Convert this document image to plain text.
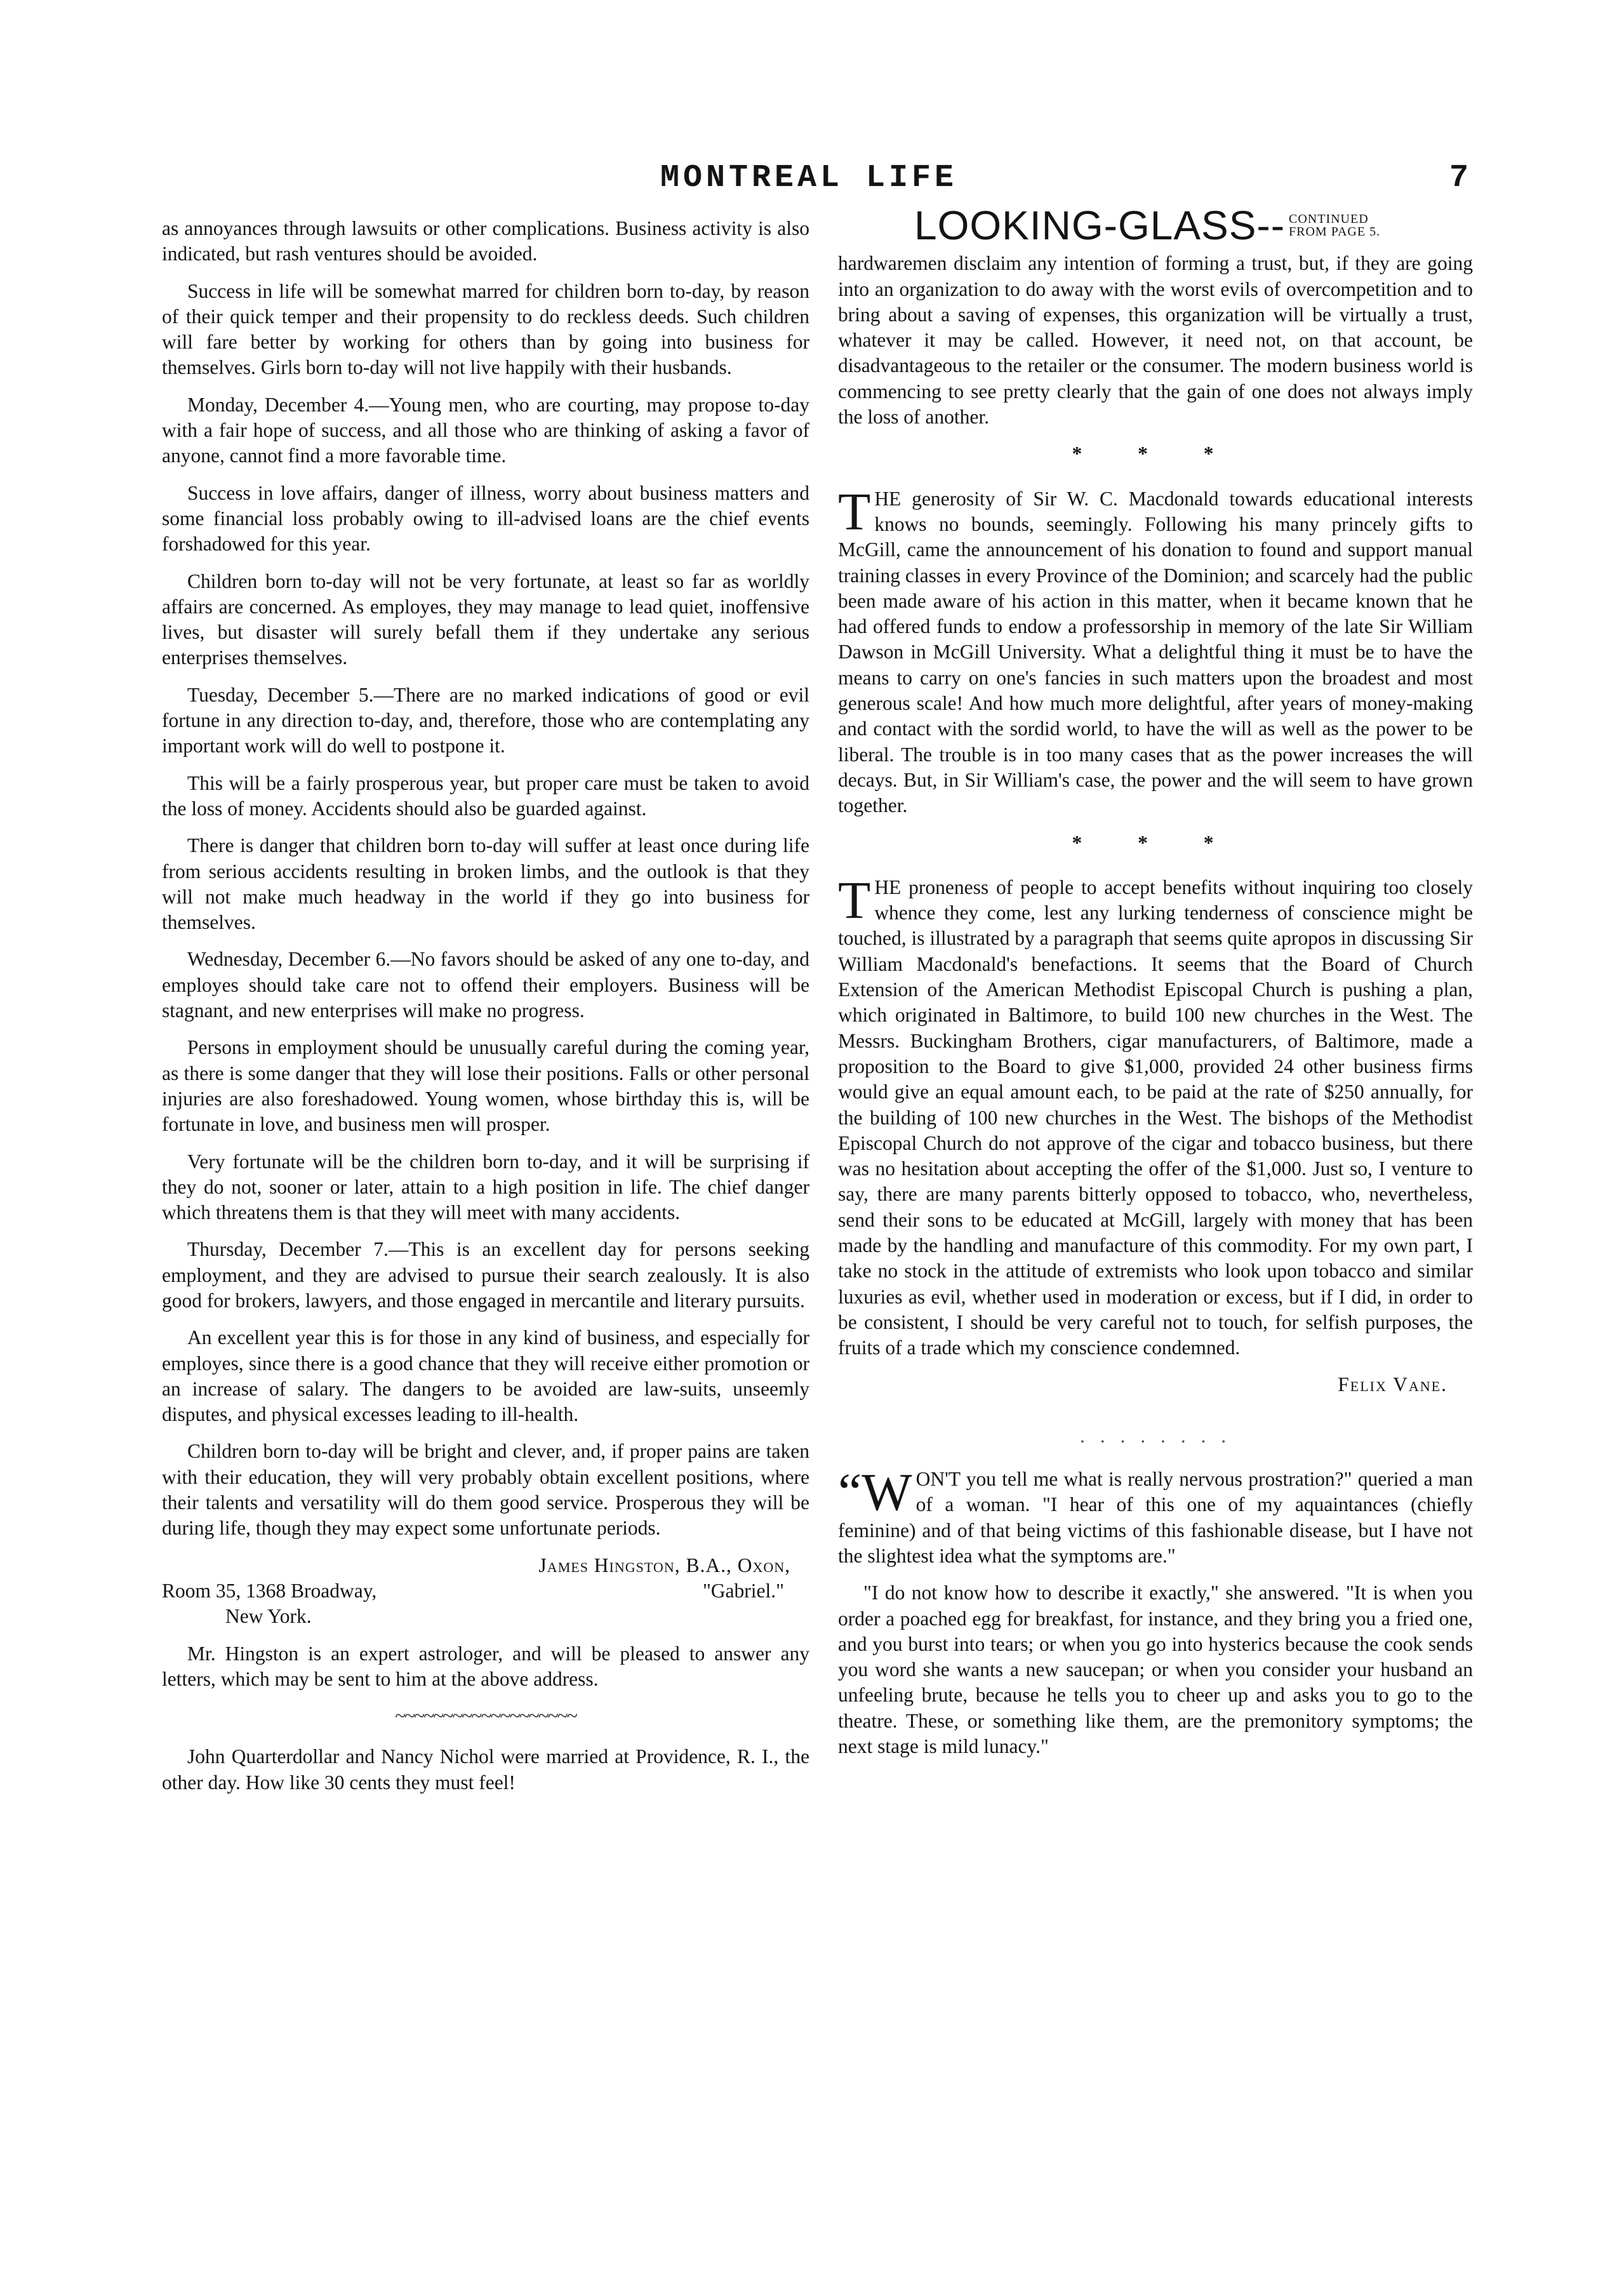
MONTREAL LIFE	7

as annoyances through lawsuits or other complications. Business activity is also indicated, but rash ventures should be avoided.

Success in life will be somewhat marred for children born to-day, by reason of their quick temper and their propensity to do reckless deeds. Such children will fare better by working for others than by going into business for themselves. Girls born to-day will not live happily with their husbands.

Monday, December 4.—Young men, who are courting, may propose to-day with a fair hope of success, and all those who are thinking of asking a favor of anyone, cannot find a more favorable time.

Success in love affairs, danger of illness, worry about business matters and some financial loss probably owing to ill-advised loans are the chief events forshadowed for this year.

Children born to-day will not be very fortunate, at least so far as worldly affairs are concerned. As employes, they may manage to lead quiet, inoffensive lives, but disaster will surely befall them if they undertake any serious enterprises themselves.

Tuesday, December 5.—There are no marked indications of good or evil fortune in any direction to-day, and, therefore, those who are contemplating any important work will do well to postpone it.

This will be a fairly prosperous year, but proper care must be taken to avoid the loss of money. Accidents should also be guarded against.

There is danger that children born to-day will suffer at least once during life from serious accidents resulting in broken limbs, and the outlook is that they will not make much headway in the world if they go into business for themselves.

Wednesday, December 6.—No favors should be asked of any one to-day, and employes should take care not to offend their employers. Business will be stagnant, and new enterprises will make no progress.

Persons in employment should be unusually careful during the coming year, as there is some danger that they will lose their positions. Falls or other personal injuries are also foreshadowed. Young women, whose birthday this is, will be fortunate in love, and business men will prosper.

Very fortunate will be the children born to-day, and it will be surprising if they do not, sooner or later, attain to a high position in life. The chief danger which threatens them is that they will meet with many accidents.

Thursday, December 7.—This is an excellent day for persons seeking employment, and they are advised to pursue their search zealously. It is also good for brokers, lawyers, and those engaged in mercantile and literary pursuits.

An excellent year this is for those in any kind of business, and especially for employes, since there is a good chance that they will receive either promotion or an increase of salary. The dangers to be avoided are law-suits, unseemly disputes, and physical excesses leading to ill-health.

Children born to-day will be bright and clever, and, if proper pains are taken with their education, they will very probably obtain excellent positions, where their talents and versatility will do them good service. Prosperous they will be during life, though they may expect some unfortunate periods.

James Hingston, B.A., Oxon,
Room 35, 1368 Broadway,	"Gabriel."
New York.

Mr. Hingston is an expert astrologer, and will be pleased to answer any letters, which may be sent to him at the above address.

~~~~~~~~~~~~~~~~~~~

John Quarterdollar and Nancy Nichol were married at Providence, R. I., the other day. How like 30 cents they must feel!

LOOKING-GLASS-- CONTINUED
FROM PAGE 5.

hardwaremen disclaim any intention of forming a trust, but, if they are going into an organization to do away with the worst evils of overcompetition and to bring about a saving of expenses, this organization will be virtually a trust, whatever it may be called. However, it need not, on that account, be disadvantageous to the retailer or the consumer. The modern business world is commencing to see pretty clearly that the gain of one does not always imply the loss of another.

* * *

THE generosity of Sir W. C. Macdonald towards educational interests knows no bounds, seemingly. Following his many princely gifts to McGill, came the announcement of his donation to found and support manual training classes in every Province of the Dominion; and scarcely had the public been made aware of his action in this matter, when it became known that he had offered funds to endow a professorship in memory of the late Sir William Dawson in McGill University. What a delightful thing it must be to have the means to carry on one's fancies in such matters upon the broadest and most generous scale! And how much more delightful, after years of money-making and contact with the sordid world, to have the will as well as the power to be liberal. The trouble is in too many cases that as the power increases the will decays. But, in Sir William's case, the power and the will seem to have grown together.

* * *

THE proneness of people to accept benefits without inquiring too closely whence they come, lest any lurking tenderness of conscience might be touched, is illustrated by a paragraph that seems quite apropos in discussing Sir William Macdonald's benefactions. It seems that the Board of Church Extension of the American Methodist Episcopal Church is pushing a plan, which originated in Baltimore, to build 100 new churches in the West. The Messrs. Buckingham Brothers, cigar manufacturers, of Baltimore, made a proposition to the Board to give $1,000, provided 24 other business firms would give an equal amount each, to be paid at the rate of $250 annually, for the building of 100 new churches in the West. The bishops of the Methodist Episcopal Church do not approve of the cigar and tobacco business, but there was no hesitation about accepting the offer of the $1,000. Just so, I venture to say, there are many parents bitterly opposed to tobacco, who, nevertheless, send their sons to be educated at McGill, largely with money that has been made by the handling and manufacture of this commodity. For my own part, I take no stock in the attitude of extremists who look upon tobacco and similar luxuries as evil, whether used in moderation or excess, but if I did, in order to be consistent, I should be very careful not to touch, for selfish purposes, the fruits of a trade which my conscience condemned.

Felix Vane.
. . . . . . . .

“WON'T you tell me what is really nervous prostration?" queried a man of a woman. "I hear of this one of my aquaintances (chiefly feminine) and of that being victims of this fashionable disease, but I have not the slightest idea what the symptoms are."

"I do not know how to describe it exactly," she answered. "It is when you order a poached egg for breakfast, for instance, and they bring you a fried one, and you burst into tears; or when you go into hysterics because the cook sends you word she wants a new saucepan; or when you consider your husband an unfeeling brute, because he tells you to cheer up and asks you to go to the theatre. These, or something like them, are the premonitory symptoms; the next stage is mild lunacy."
